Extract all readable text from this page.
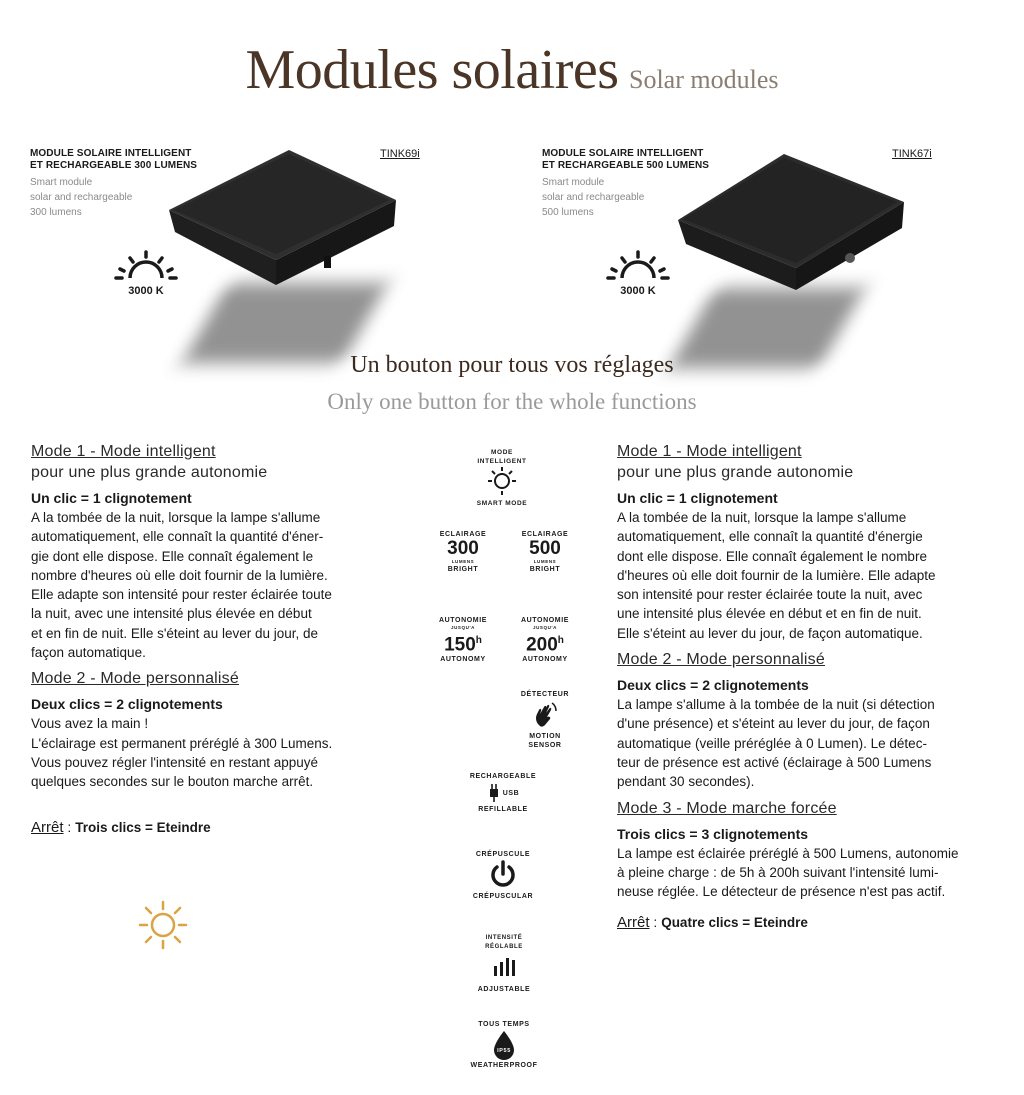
Modules solaires Solar modules
MODULE SOLAIRE INTELLIGENT
ET RECHARGEABLE 300 LUMENS
Smart module
solar and rechargeable
300 lumens
TINK69i
3000 K
MODULE SOLAIRE INTELLIGENT
ET RECHARGEABLE 500 LUMENS
Smart module
solar and rechargeable
500 lumens
TINK67i
3000 K
Un bouton pour tous vos réglages
Only one button for the whole functions
Mode 1 - Mode intelligent
pour une plus grande autonomie
Un clic = 1 clignotement
A la tombée de la nuit, lorsque la lampe s'allume
automatiquement, elle connaît la quantité d'éner-
gie dont elle dispose. Elle connaît également le
nombre d'heures où elle doit fournir de la lumière.
Elle adapte son intensité pour rester éclairée toute
la nuit, avec une intensité plus élevée en début
et en fin de nuit. Elle s'éteint au lever du jour, de
façon automatique.
Mode 2 - Mode personnalisé
Deux clics = 2 clignotements
Vous avez la main !
L'éclairage est permanent préréglé à 300 Lumens.
Vous pouvez régler l'intensité en restant appuyé
quelques secondes sur le bouton marche arrêt.
Arrêt : Trois clics = Eteindre
MODE INTELLIGENT
SMART MODE
ECLAIRAGE
300
LUMENS
BRIGHT
ECLAIRAGE
500
LUMENS
BRIGHT
AUTONOMIE
JUSQU'A
150$^h$
AUTONOMY
AUTONOMIE
JUSQU'A
200$^h$
AUTONOMY
DÉTECTEUR
MOTION SENSOR
RECHARGEABLE
USB
REFILLABLE
CRÉPUSCULE
CRÉPUSCULAR
INTENSITÉ RÉGLABLE
ADJUSTABLE
TOUS TEMPS
IP55
WEATHERPROOF
Mode 1 - Mode intelligent
pour une plus grande autonomie
Un clic = 1 clignotement
A la tombée de la nuit, lorsque la lampe s'allume
automatiquement, elle connaît la quantité d'énergie
dont elle dispose. Elle connaît également le nombre
d'heures où elle doit fournir de la lumière. Elle adapte
son intensité pour rester éclairée toute la nuit, avec
une intensité plus élevée en début et en fin de nuit.
Elle s'éteint au lever du jour, de façon automatique.
Mode 2 - Mode personnalisé
Deux clics = 2 clignotements
La lampe s'allume à la tombée de la nuit (si détection
d'une présence) et s'éteint au lever du jour, de façon
automatique (veille préréglée à 0 Lumen). Le détec-
teur de présence est activé (éclairage à 500 Lumens
pendant 30 secondes).
Mode 3 - Mode marche forcée
Trois clics = 3 clignotements
La lampe est éclairée préréglé à 500 Lumens, autonomie
à pleine charge : de 5h à 200h suivant l'intensité lumi-
neuse réglée. Le détecteur de présence n'est pas actif.
Arrêt : Quatre clics = Eteindre
